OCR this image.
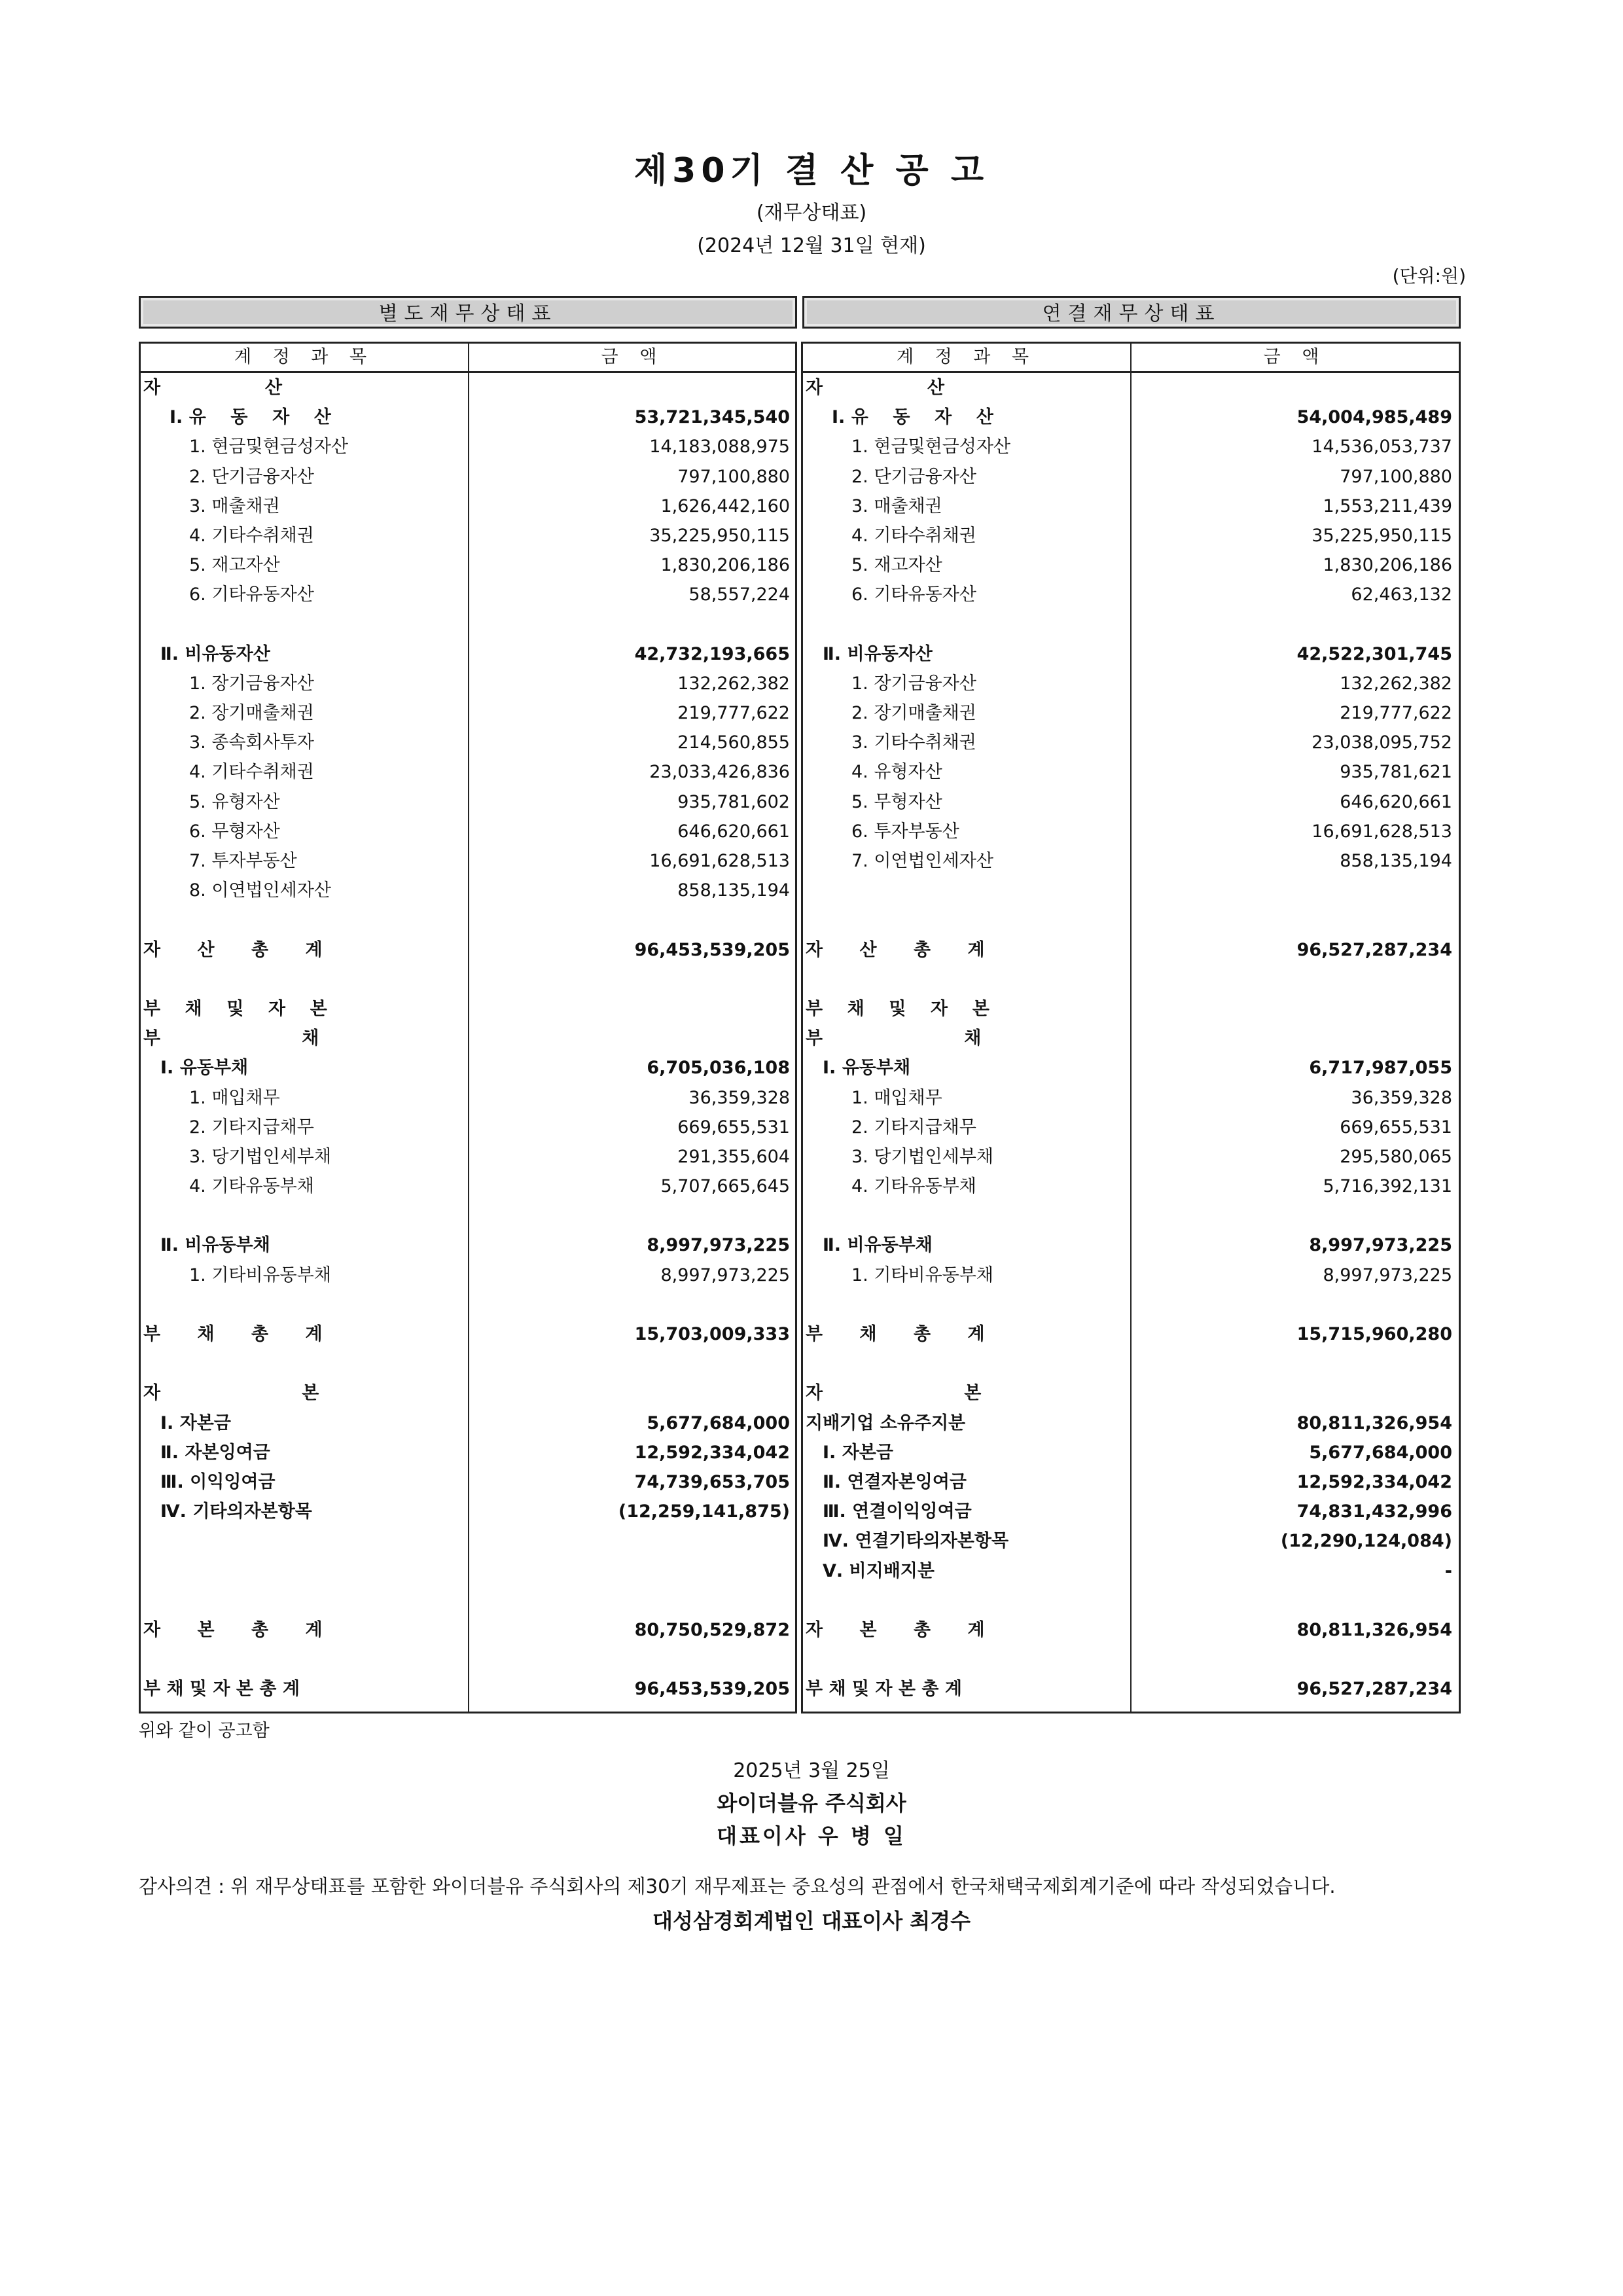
제30기 결 산 공 고
(재무상태표)
(2024년 12월 31일 현재)
(단위:원)
별도재무상태표	연결재무상태표
계 정 과 목	금 액
자                 산
Ⅰ. 유    동    자    산	53,721,345,540
1. 현금및현금성자산	14,183,088,975
2. 단기금융자산	797,100,880
3. 매출채권	1,626,442,160
4. 기타수취채권	35,225,950,115
5. 재고자산	1,830,206,186
6. 기타유동자산	58,557,224
Ⅱ. 비유동자산	42,732,193,665
1. 장기금융자산	132,262,382
2. 장기매출채권	219,777,622
3. 종속회사투자	214,560,855
4. 기타수취채권	23,033,426,836
5. 유형자산	935,781,602
6. 무형자산	646,620,661
7. 투자부동산	16,691,628,513
8. 이연법인세자산	858,135,194
자      산      총      계	96,453,539,205
부    채    및    자    본
부                       채
Ⅰ. 유동부채	6,705,036,108
1. 매입채무	36,359,328
2. 기타지급채무	669,655,531
3. 당기법인세부채	291,355,604
4. 기타유동부채	5,707,665,645
Ⅱ. 비유동부채	8,997,973,225
1. 기타비유동부채	8,997,973,225
부      채      총      계	15,703,009,333
자                       본
Ⅰ. 자본금	5,677,684,000
Ⅱ. 자본잉여금	12,592,334,042
Ⅲ. 이익잉여금	74,739,653,705
Ⅳ. 기타의자본항목	(12,259,141,875)
자      본      총      계	80,750,529,872
부 채 및 자 본 총 계	96,453,539,205
계 정 과 목	금 액
자                 산
Ⅰ. 유    동    자    산	54,004,985,489
1. 현금및현금성자산	14,536,053,737
2. 단기금융자산	797,100,880
3. 매출채권	1,553,211,439
4. 기타수취채권	35,225,950,115
5. 재고자산	1,830,206,186
6. 기타유동자산	62,463,132
Ⅱ. 비유동자산	42,522,301,745
1. 장기금융자산	132,262,382
2. 장기매출채권	219,777,622
3. 기타수취채권	23,038,095,752
4. 유형자산	935,781,621
5. 무형자산	646,620,661
6. 투자부동산	16,691,628,513
7. 이연법인세자산	858,135,194
자      산      총      계	96,527,287,234
부    채    및    자    본
부                       채
Ⅰ. 유동부채	6,717,987,055
1. 매입채무	36,359,328
2. 기타지급채무	669,655,531
3. 당기법인세부채	295,580,065
4. 기타유동부채	5,716,392,131
Ⅱ. 비유동부채	8,997,973,225
1. 기타비유동부채	8,997,973,225
부      채      총      계	15,715,960,280
자                       본
지배기업 소유주지분	80,811,326,954
Ⅰ. 자본금	5,677,684,000
Ⅱ. 연결자본잉여금	12,592,334,042
Ⅲ. 연결이익잉여금	74,831,432,996
Ⅳ. 연결기타의자본항목	(12,290,124,084)
Ⅴ. 비지배지분	-
자      본      총      계	80,811,326,954
부 채 및 자 본 총 계	96,527,287,234
위와 같이 공고함
2025년 3월 25일
와이더블유 주식회사
대표이사 우 병 일
감사의견 : 위 재무상태표를 포함한 와이더블유 주식회사의 제30기 재무제표는 중요성의 관점에서 한국채택국제회계기준에 따라 작성되었습니다.
대성삼경회계법인 대표이사 최경수
